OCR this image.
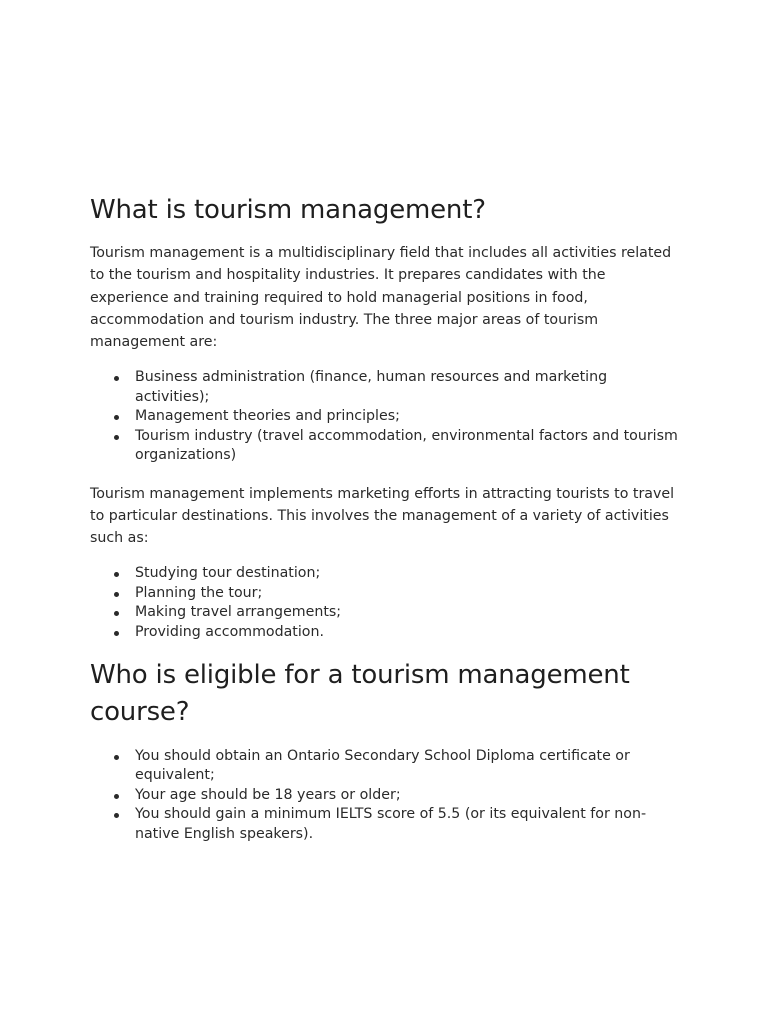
What is tourism management?

Tourism management is a multidisciplinary field that includes all activities related to the tourism and hospitality industries. It prepares candidates with the experience and training required to hold managerial positions in food, accommodation and tourism industry. The three major areas of tourism management are:

Business administration (finance, human resources and marketing activities);
Management theories and principles;
Tourism industry (travel accommodation, environmental factors and tourism organizations)

Tourism management implements marketing efforts in attracting tourists to travel to particular destinations. This involves the management of a variety of activities such as:

Studying tour destination;
Planning the tour;
Making travel arrangements;
Providing accommodation.
Who is eligible for a tourism management course?
You should obtain an Ontario Secondary School Diploma certificate or equivalent;
Your age should be 18 years or older;
You should gain a minimum IELTS score of 5.5 (or its equivalent for non-native English speakers).
